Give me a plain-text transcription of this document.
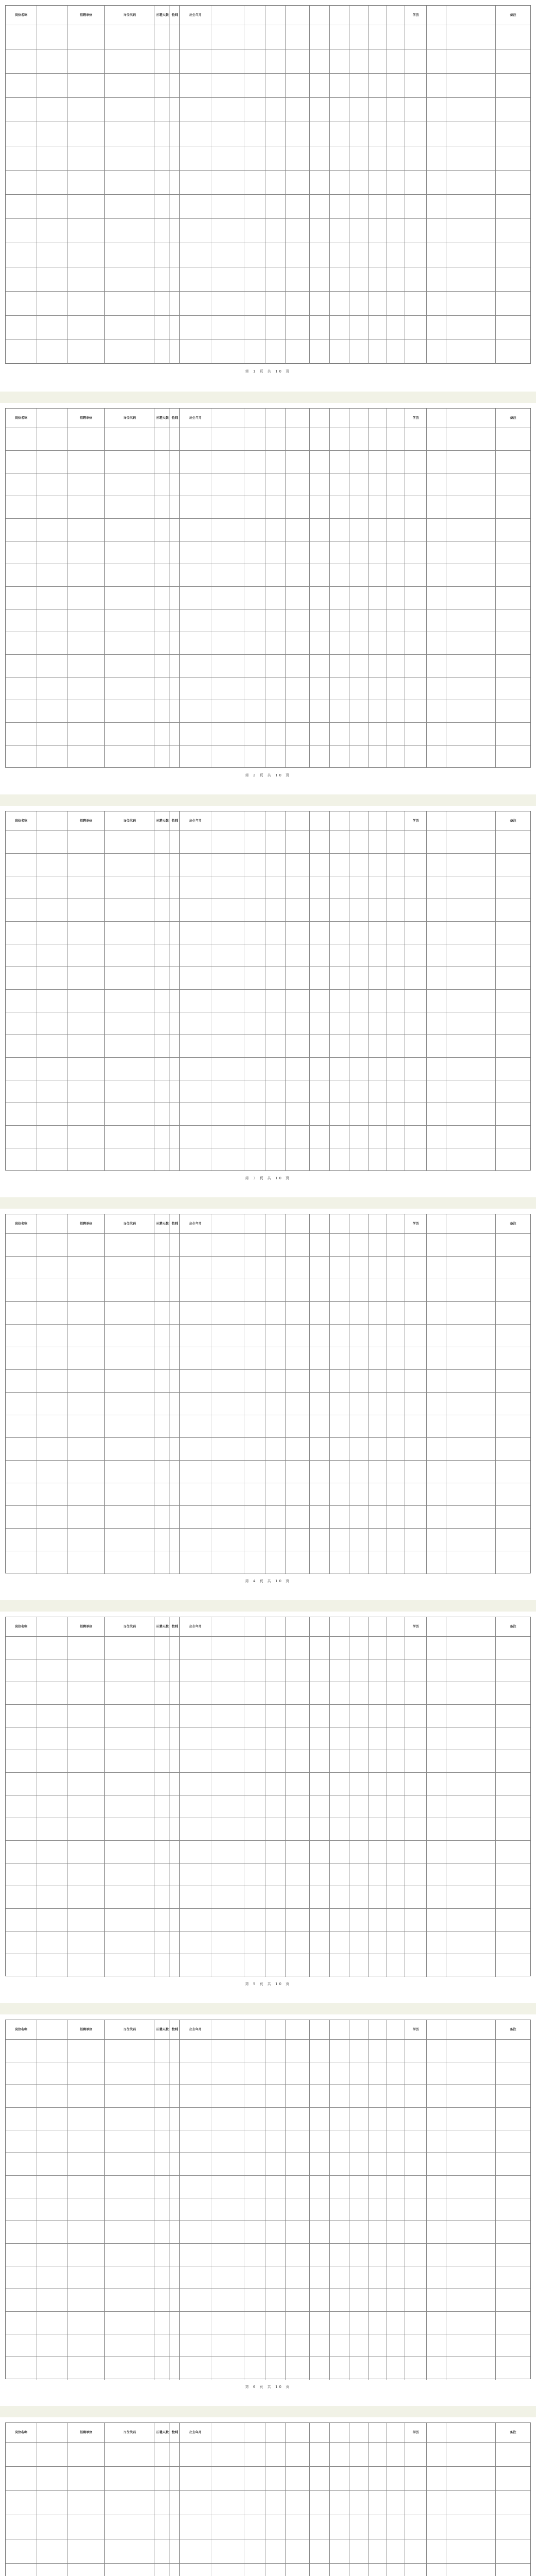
岗位名称	招聘单位	岗位代码	招聘人数 性别	出生年月	学历	备注
第 1 页 共 10 页
岗位名称	招聘单位	岗位代码	招聘人数 性别	出生年月	学历	备注
第 2 页 共 10 页
岗位名称	招聘单位	岗位代码	招聘人数 性别	出生年月	学历	备注
第 3 页 共 10 页
岗位名称	招聘单位	岗位代码	招聘人数 性别	出生年月	学历	备注
第 4 页 共 10 页
岗位名称	招聘单位	岗位代码	招聘人数 性别	出生年月	学历	备注
第 5 页 共 10 页
岗位名称	招聘单位	岗位代码	招聘人数 性别	出生年月	学历	备注
第 6 页 共 10 页
岗位名称	招聘单位	岗位代码	招聘人数 性别	出生年月	学历	备注
